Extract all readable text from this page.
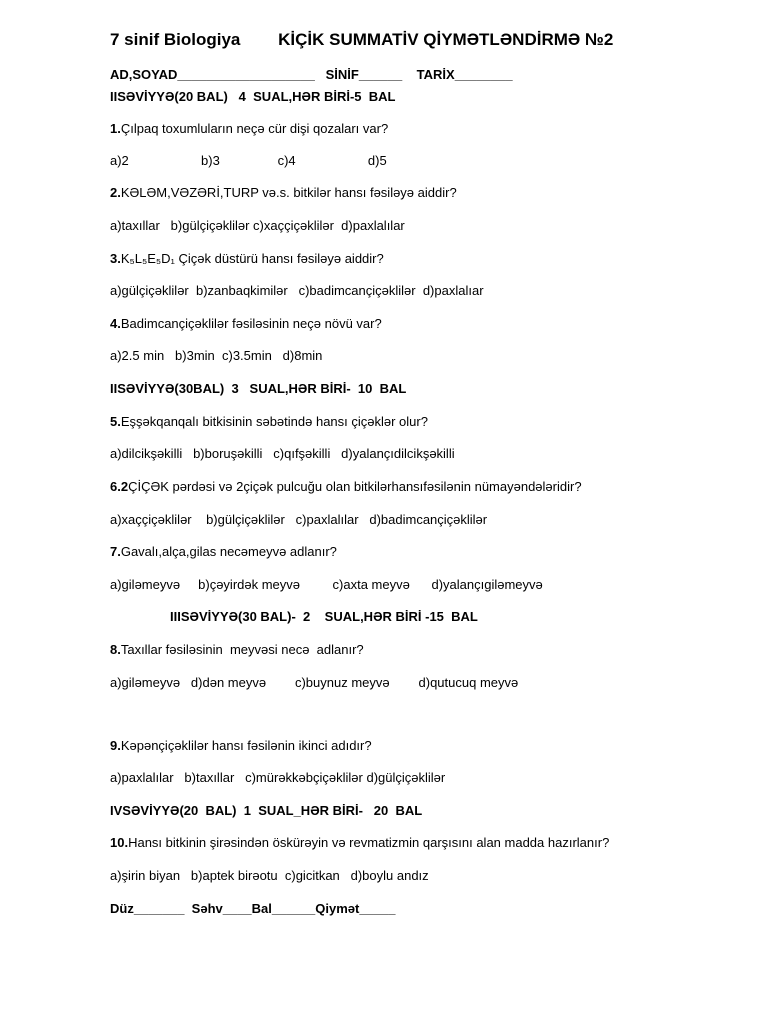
7 sinif Biologiya        KİÇİK SUMMATİV QİYMƏTLƏNDİRMƏ №2

AD,SOYAD___________________   SİNİF______    TARİX________

IISƏVİYYƏ(20 BAL)   4  SUAL,HƏR BİRİ-5  BAL

1.Çılpaq toxumluların neçə cür dişi qozaları var?

a)2                    b)3                c)4                    d)5

2.KƏLƏM,VƏZƏRİ,TURP və.s. bitkilər hansı fəsiləyə aiddir?

a)taxıllar   b)gülçiçəklilər c)xaççiçəklilər  d)paxlalılar

3.K₅L₅E₅D₁ Çiçək düstürü hansı fəsiləyə aiddir?

a)gülçiçəklilər  b)zanbaqkimilər   c)badimcançiçəklilər  d)paxlalıar

4.Badimcançiçəklilər fəsiləsinin neçə növü var?

a)2.5 min   b)3min  c)3.5min   d)8min

IISƏVİYYƏ(30BAL)  3   SUAL,HƏR BİRİ-  10  BAL

5.Eşşəkqanqalı bitkisinin səbətində hansı çiçəklər olur?

a)dilcikşəkilli   b)boruşəkilli   c)qıfşəkilli   d)yalançıdilcikşəkilli

6.2ÇİÇƏK pərdəsi və 2çiçək pulcuğu olan bitkilərhansıfəsilənin nümayəndələridir?

a)xaççiçəklilər    b)gülçiçəklilər   c)paxlalılar   d)badimcançiçəklilər

7.Gavalı,alça,gilas necəmeyvə adlanır?

a)giləmeyvə     b)çəyirdək meyvə         c)axta meyvə      d)yalançıgiləmeyvə

IIISƏVİYYƏ(30 BAL)-  2    SUAL,HƏR BİRİ -15  BAL

8.Taxıllar fəsiləsinin  meyvəsi necə  adlanır?

a)giləmeyvə   d)dən meyvə        c)buynuz meyvə        d)qutucuq meyvə

9.Kəpənçiçəklilər hansı fəsilənin ikinci adıdır?

a)paxlalılar   b)taxıllar   c)mürəkkəbçiçəklilər d)gülçiçəklilər

IVSƏVİYYƏ(20  BAL)  1  SUAL_HƏR BİRİ-   20  BAL

10.Hansı bitkinin şirəsindən öskürəyin və revmatizmin qarşısını alan madda hazırlanır?

a)şirin biyan   b)aptek birəotu  c)gicitkan   d)boylu andız

Düz_______  Səhv____Bal______Qiymət_____
